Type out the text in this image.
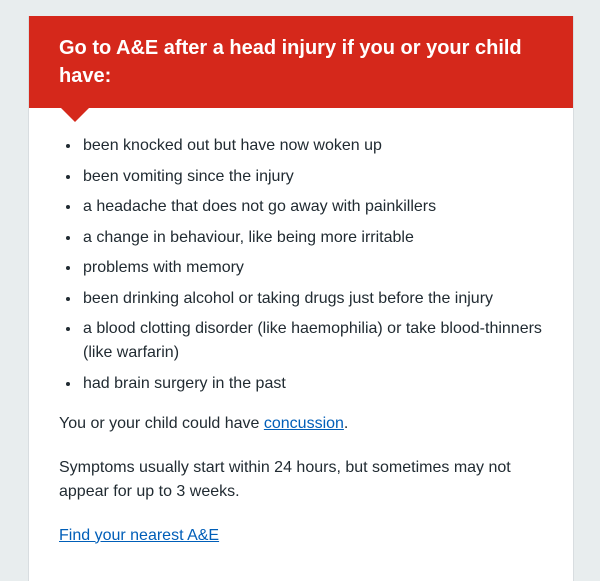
Go to A&E after a head injury if you or your child have:
• been knocked out but have now woken up
• been vomiting since the injury
• a headache that does not go away with painkillers
• a change in behaviour, like being more irritable
• problems with memory
• been drinking alcohol or taking drugs just before the injury
• a blood clotting disorder (like haemophilia) or take blood-thinners (like warfarin)
• had brain surgery in the past

You or your child could have concussion.

Symptoms usually start within 24 hours, but sometimes may not appear for up to 3 weeks.

Find your nearest A&E
